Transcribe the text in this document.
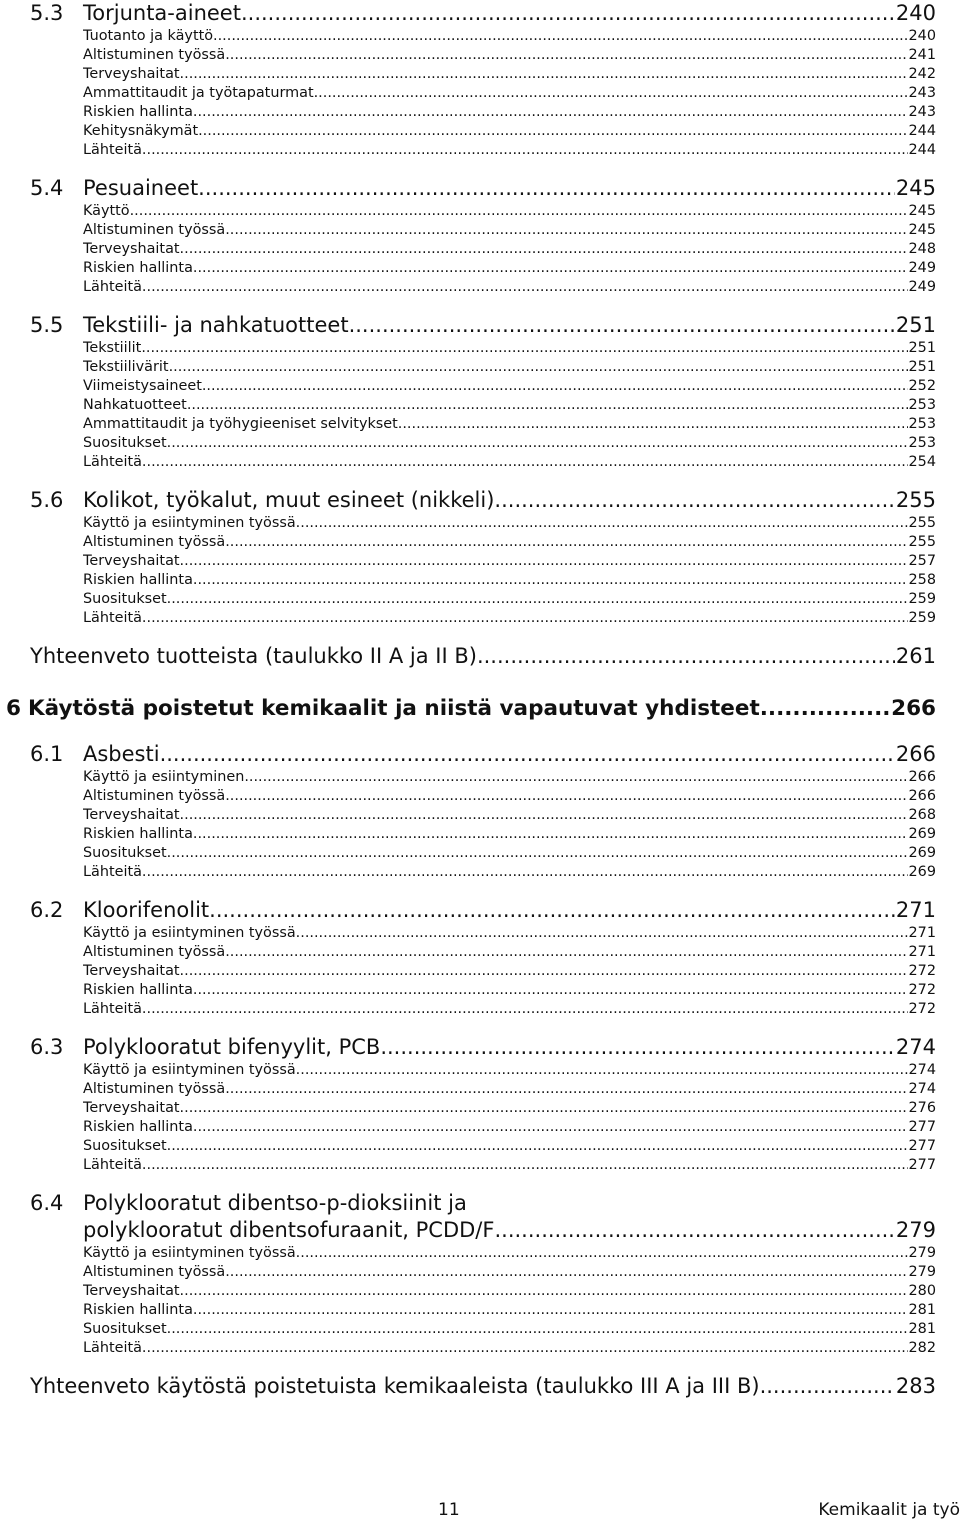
5.3 Torjunta-aineet .....	240
Tuotanto ja käyttö .....	240
Altistuminen työssä .....	241
Terveyshaitat .....	242
Ammattitaudit ja työtapaturmat .....	243
Riskien hallinta .....	243
Kehitysnäkymät .....	244
Lähteitä .....	244
5.4 Pesuaineet .....	245
Käyttö .....	245
Altistuminen työssä .....	245
Terveyshaitat .....	248
Riskien hallinta .....	249
Lähteitä .....	249
5.5 Tekstiili- ja nahkatuotteet .....	251
Tekstiilit .....	251
Tekstiilivärit .....	251
Viimeistysaineet .....	252
Nahkatuotteet .....	253
Ammattitaudit ja työhygieeniset selvitykset .....	253
Suositukset .....	253
Lähteitä .....	254
5.6 Kolikot, työkalut, muut esineet (nikkeli) .....	255
Käyttö ja esiintyminen työssä .....	255
Altistuminen työssä .....	255
Terveyshaitat .....	257
Riskien hallinta .....	258
Suositukset .....	259
Lähteitä .....	259
Yhteenveto tuotteista (taulukko II A ja II B) .....	261
6 Käytöstä poistetut kemikaalit ja niistä vapautuvat yhdisteet .....	266
6.1 Asbesti .....	266
Käyttö ja esiintyminen .....	266
Altistuminen työssä .....	266
Terveyshaitat .....	268
Riskien hallinta .....	269
Suositukset .....	269
Lähteitä .....	269
6.2 Kloorifenolit .....	271
Käyttö ja esiintyminen työssä .....	271
Altistuminen työssä .....	271
Terveyshaitat .....	272
Riskien hallinta .....	272
Lähteitä .....	272
6.3 Polyklooratut bifenyylit, PCB .....	274
Käyttö ja esiintyminen työssä .....	274
Altistuminen työssä .....	274
Terveyshaitat .....	276
Riskien hallinta .....	277
Suositukset .....	277
Lähteitä .....	277
6.4 Polyklooratut dibentso-p-dioksiinit ja
polyklooratut dibentsofuraanit, PCDD/F .....	279
Käyttö ja esiintyminen työssä .....	279
Altistuminen työssä .....	279
Terveyshaitat .....	280
Riskien hallinta .....	281
Suositukset .....	281
Lähteitä .....	282
Yhteenveto käytöstä poistetuista kemikaaleista (taulukko III A ja III B) .....	283
11	Kemikaalit ja työ
